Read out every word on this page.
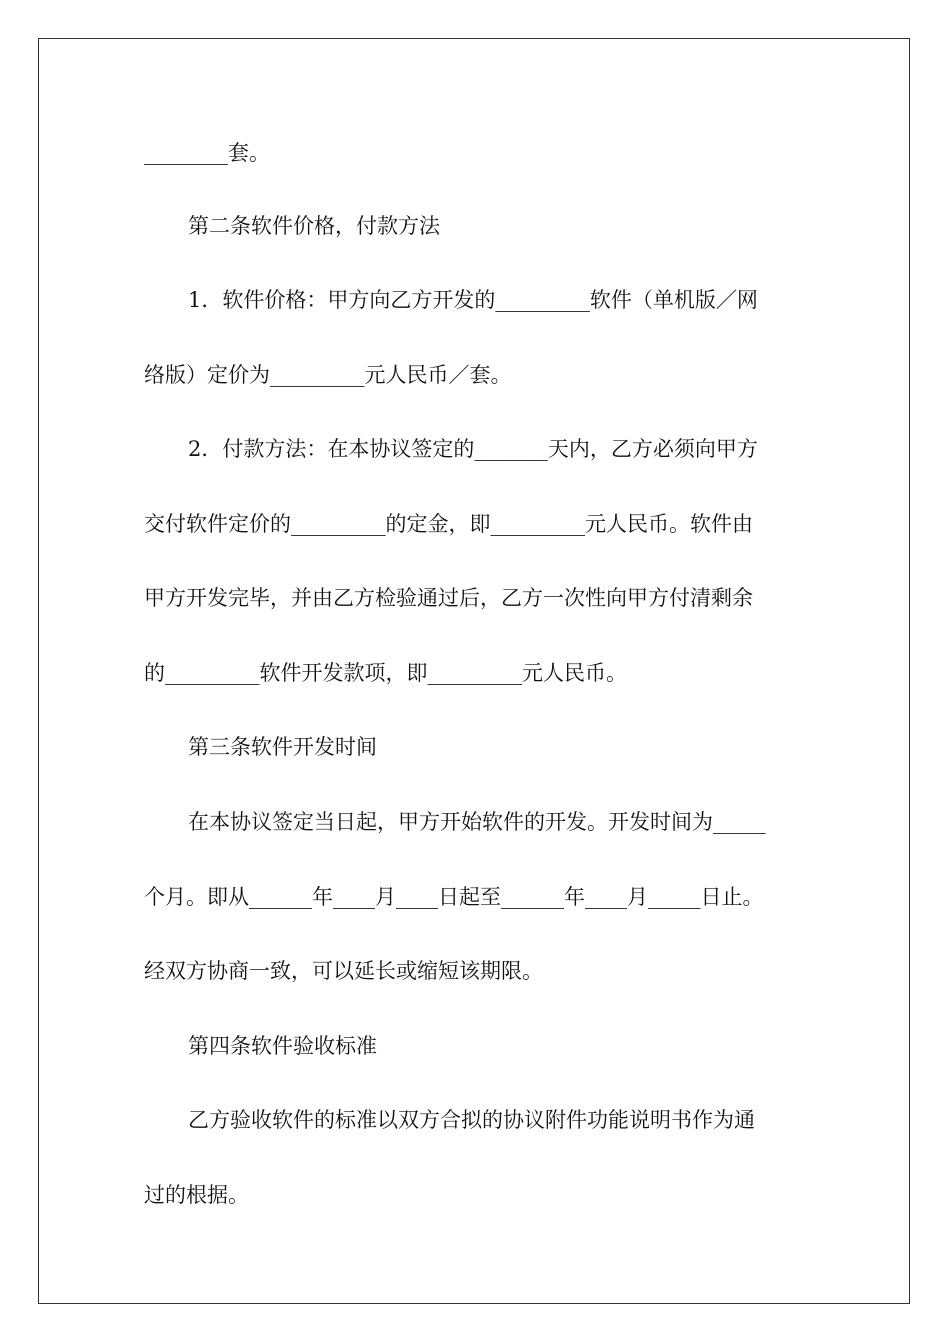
________套。
第二条软件价格，付款方法
1．软件价格：甲方向乙方开发的_________软件（单机版／网
络版）定价为_________元人民币／套。
2．付款方法：在本协议签定的_______天内，乙方必须向甲方
交付软件定价的_________的定金，即_________元人民币。软件由
甲方开发完毕，并由乙方检验通过后，乙方一次性向甲方付清剩余
的_________软件开发款项，即_________元人民币。
第三条软件开发时间
在本协议签定当日起，甲方开始软件的开发。开发时间为_____
个月。即从______年____月____日起至______年____月_____日止。
经双方协商一致，可以延长或缩短该期限。
第四条软件验收标准
乙方验收软件的标准以双方合拟的协议附件功能说明书作为通
过的根据。
